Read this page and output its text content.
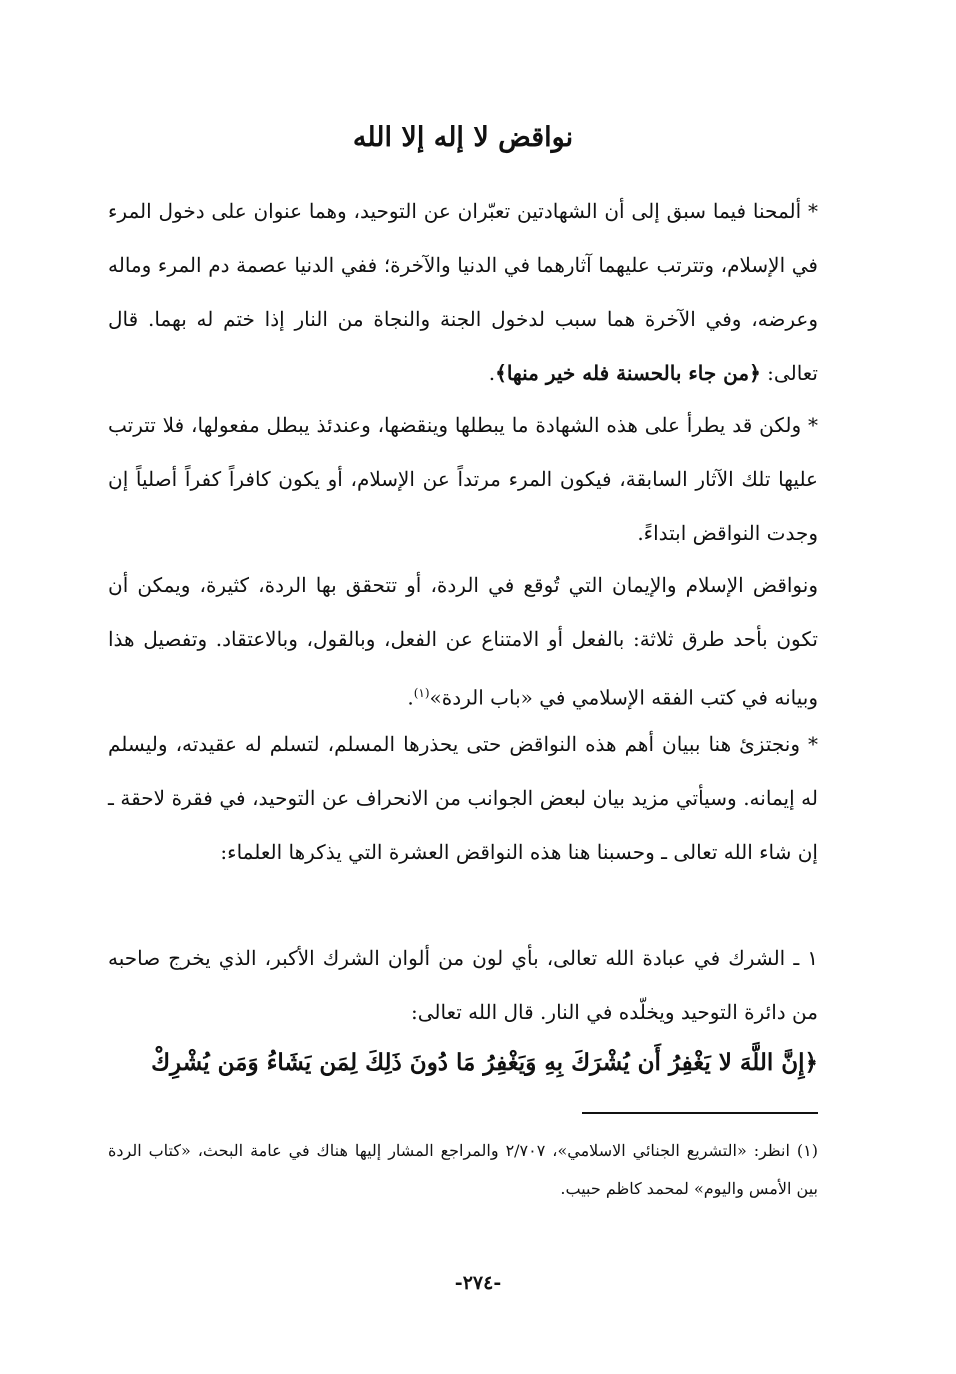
نواقض لا إله إلا الله

* ألمحنا فيما سبق إلى أن الشهادتين تعبّران عن التوحيد، وهما عنوان على دخول المرء في الإسلام، وتترتب عليهما آثارهما في الدنيا والآخرة؛ ففي الدنيا عصمة دم المرء وماله وعرضه، وفي الآخرة هما سبب لدخول الجنة والنجاة من النار إذا ختم له بهما. قال تعالى: ﴿من جاء بالحسنة فله خير منها﴾.

* ولكن قد يطرأ على هذه الشهادة ما يبطلها وينقضها، وعندئذ يبطل مفعولها، فلا تترتب عليها تلك الآثار السابقة، فيكون المرء مرتداً عن الإسلام، أو يكون كافراً كفراً أصلياً إن وجدت النواقض ابتداءً.

ونواقض الإسلام والإيمان التي تُوقع في الردة، أو تتحقق بها الردة، كثيرة، ويمكن أن تكون بأحد طرق ثلاثة: بالفعل أو الامتناع عن الفعل، وبالقول، وبالاعتقاد. وتفصيل هذا وبيانه في كتب الفقه الإسلامي في «باب الردة»$^{(١)}$.

* ونجتزئ هنا ببيان أهم هذه النواقض حتى يحذرها المسلم، لتسلم له عقيدته، وليسلم له إيمانه. وسيأتي مزيد بيان لبعض الجوانب من الانحراف عن التوحيد، في فقرة لاحقة ـ إن شاء الله تعالى ـ وحسبنا هنا هذه النواقض العشرة التي يذكرها العلماء:

١ ـ الشرك في عبادة الله تعالى، بأي لون من ألوان الشرك الأكبر، الذي يخرج صاحبه من دائرة التوحيد ويخلّده في النار. قال الله تعالى:

﴿إِنَّ اللَّهَ لا يَغْفِرُ أَن يُشْرَكَ بِهِ وَيَغْفِرُ مَا دُونَ ذَلِكَ لِمَن يَشَاءُ وَمَن يُشْرِكْ
(١) انظر: «التشريع الجنائي الاسلامي»، ٢/٧٠٧ والمراجع المشار إليها هناك في عامة البحث، «كتاب الردة بين الأمس واليوم» لمحمد كاظم حبيب.
-٢٧٤-
